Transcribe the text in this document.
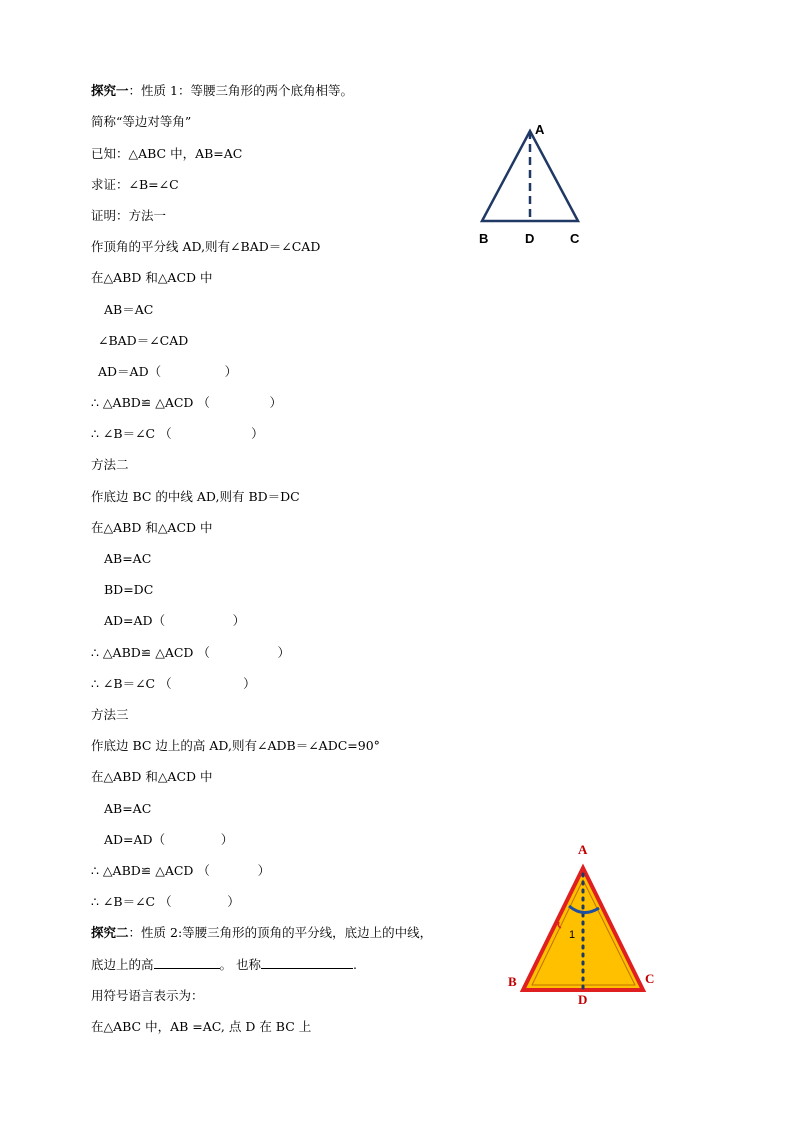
探究一：性质 1：等腰三角形的两个底角相等。
简称“等边对等角”
已知：△ABC 中，AB=AC
求证：∠B=∠C
证明：方法一
作顶角的平分线 AD,则有∠BAD＝∠CAD
在△ABD 和△ACD 中
AB＝AC
∠BAD＝∠CAD
AD＝AD（                ）
∴ △ABD≌ △ACD （               ）
∴ ∠B＝∠C （                    ）
方法二
作底边 BC 的中线 AD,则有 BD＝DC
在△ABD 和△ACD 中
AB=AC
BD=DC
AD=AD（                 ）
∴ △ABD≌ △ACD （                 ）
∴ ∠B＝∠C （                  ）
方法三
作底边 BC 边上的高 AD,则有∠ADB＝∠ADC=90°
在△ABD 和△ACD 中
AB=AC
AD=AD（              ）
∴ △ABD≌ △ACD （            ）
∴ ∠B＝∠C （              ）
探究二：性质 2:等腰三角形的顶角的平分线，底边上的中线，
底边上的高	。 也称	.
用符号语言表示为：
在△ABC 中，AB =AC, 点 D 在 BC 上
A
B	D	C
1
A
B	C
D
